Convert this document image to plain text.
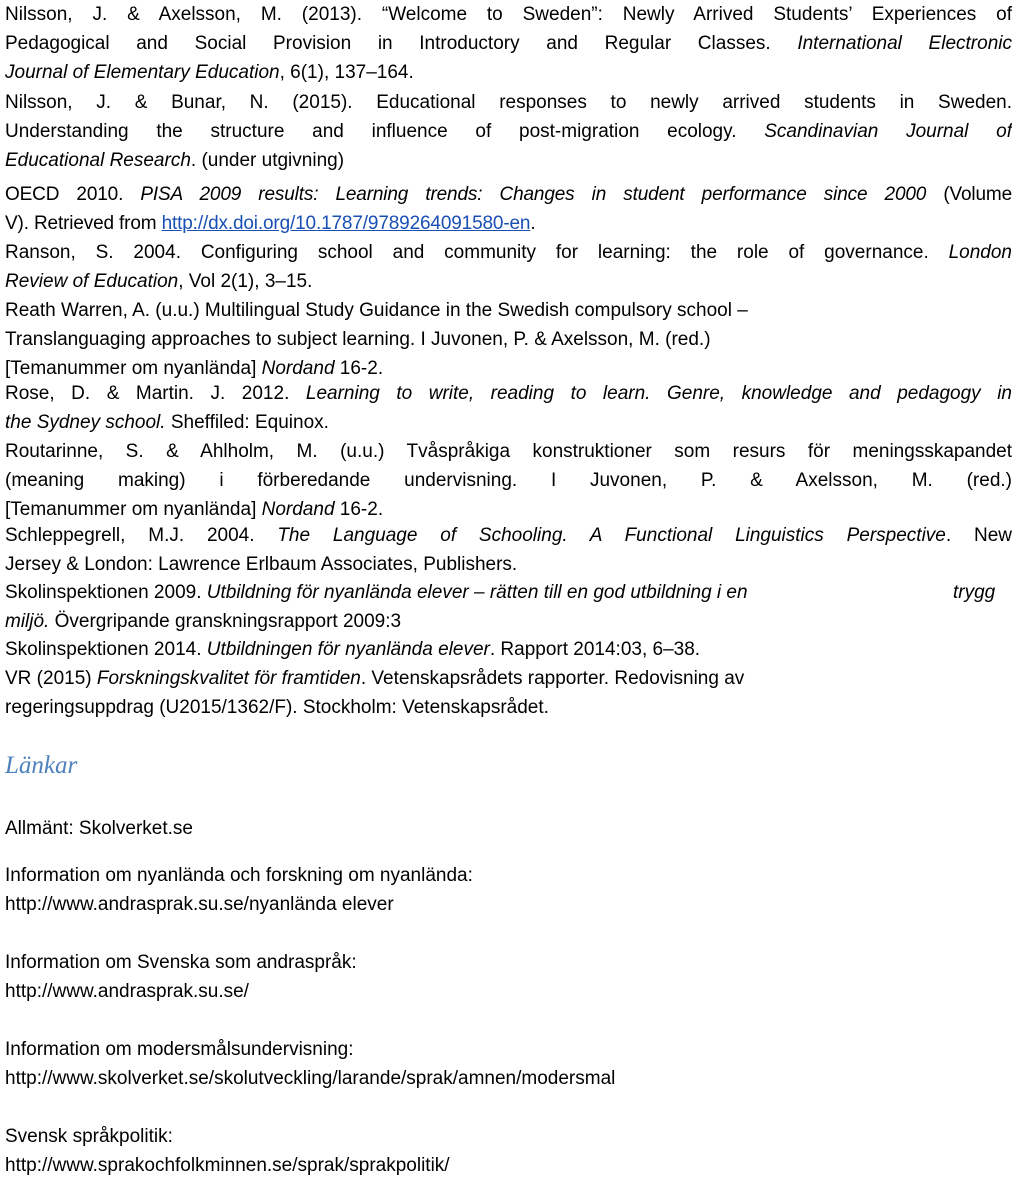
Nilsson, J. & Axelsson, M. (2013). “Welcome to Sweden”: Newly Arrived Students’ Experiences of
Pedagogical and Social Provision in Introductory and Regular Classes. International Electronic
Journal of Elementary Education, 6(1), 137–164.

Nilsson, J. & Bunar, N. (2015). Educational responses to newly arrived students in Sweden.
Understanding the structure and influence of post-migration ecology. Scandinavian Journal of
Educational Research. (under utgivning)

OECD 2010. PISA 2009 results: Learning trends: Changes in student performance since 2000 (Volume
V). Retrieved from http://dx.doi.org/10.1787/9789264091580-en.

Ranson, S. 2004. Configuring school and community for learning: the role of governance. London
Review of Education, Vol 2(1), 3–15.

Reath Warren, A. (u.u.) Multilingual Study Guidance in the Swedish compulsory school –
Translanguaging approaches to subject learning. I Juvonen, P. & Axelsson, M. (red.)
[Temanummer om nyanlända] Nordand 16-2.

Rose, D. & Martin. J. 2012. Learning to write, reading to learn. Genre, knowledge and pedagogy in
the Sydney school. Sheffiled: Equinox.

Routarinne, S. & Ahlholm, M. (u.u.) Tvåspråkiga konstruktioner som resurs för meningsskapandet
(meaning making) i förberedande undervisning. I Juvonen, P. & Axelsson, M. (red.)
[Temanummer om nyanlända] Nordand 16-2.

Schleppegrell, M.J. 2004. The Language of Schooling. A Functional Linguistics Perspective. New
Jersey & London: Lawrence Erlbaum Associates, Publishers.

Skolinspektionen 2009. Utbildning för nyanlända elever – rätten till en god utbildning i en	trygg
miljö. Övergripande granskningsrapport 2009:3

Skolinspektionen 2014. Utbildningen för nyanlända elever. Rapport 2014:03, 6–38.

VR (2015) Forskningskvalitet för framtiden. Vetenskapsrådets rapporter. Redovisning av
regeringsuppdrag (U2015/1362/F). Stockholm: Vetenskapsrådet.

Länkar
Allmänt: Skolverket.se
Information om nyanlända och forskning om nyanlända:
http://www.andrasprak.su.se/nyanlända elever
Information om Svenska som andraspråk:
http://www.andrasprak.su.se/
Information om modersmålsundervisning:
http://www.skolverket.se/skolutveckling/larande/sprak/amnen/modersmal
Svensk språkpolitik:
http://www.sprakochfolkminnen.se/sprak/sprakpolitik/
